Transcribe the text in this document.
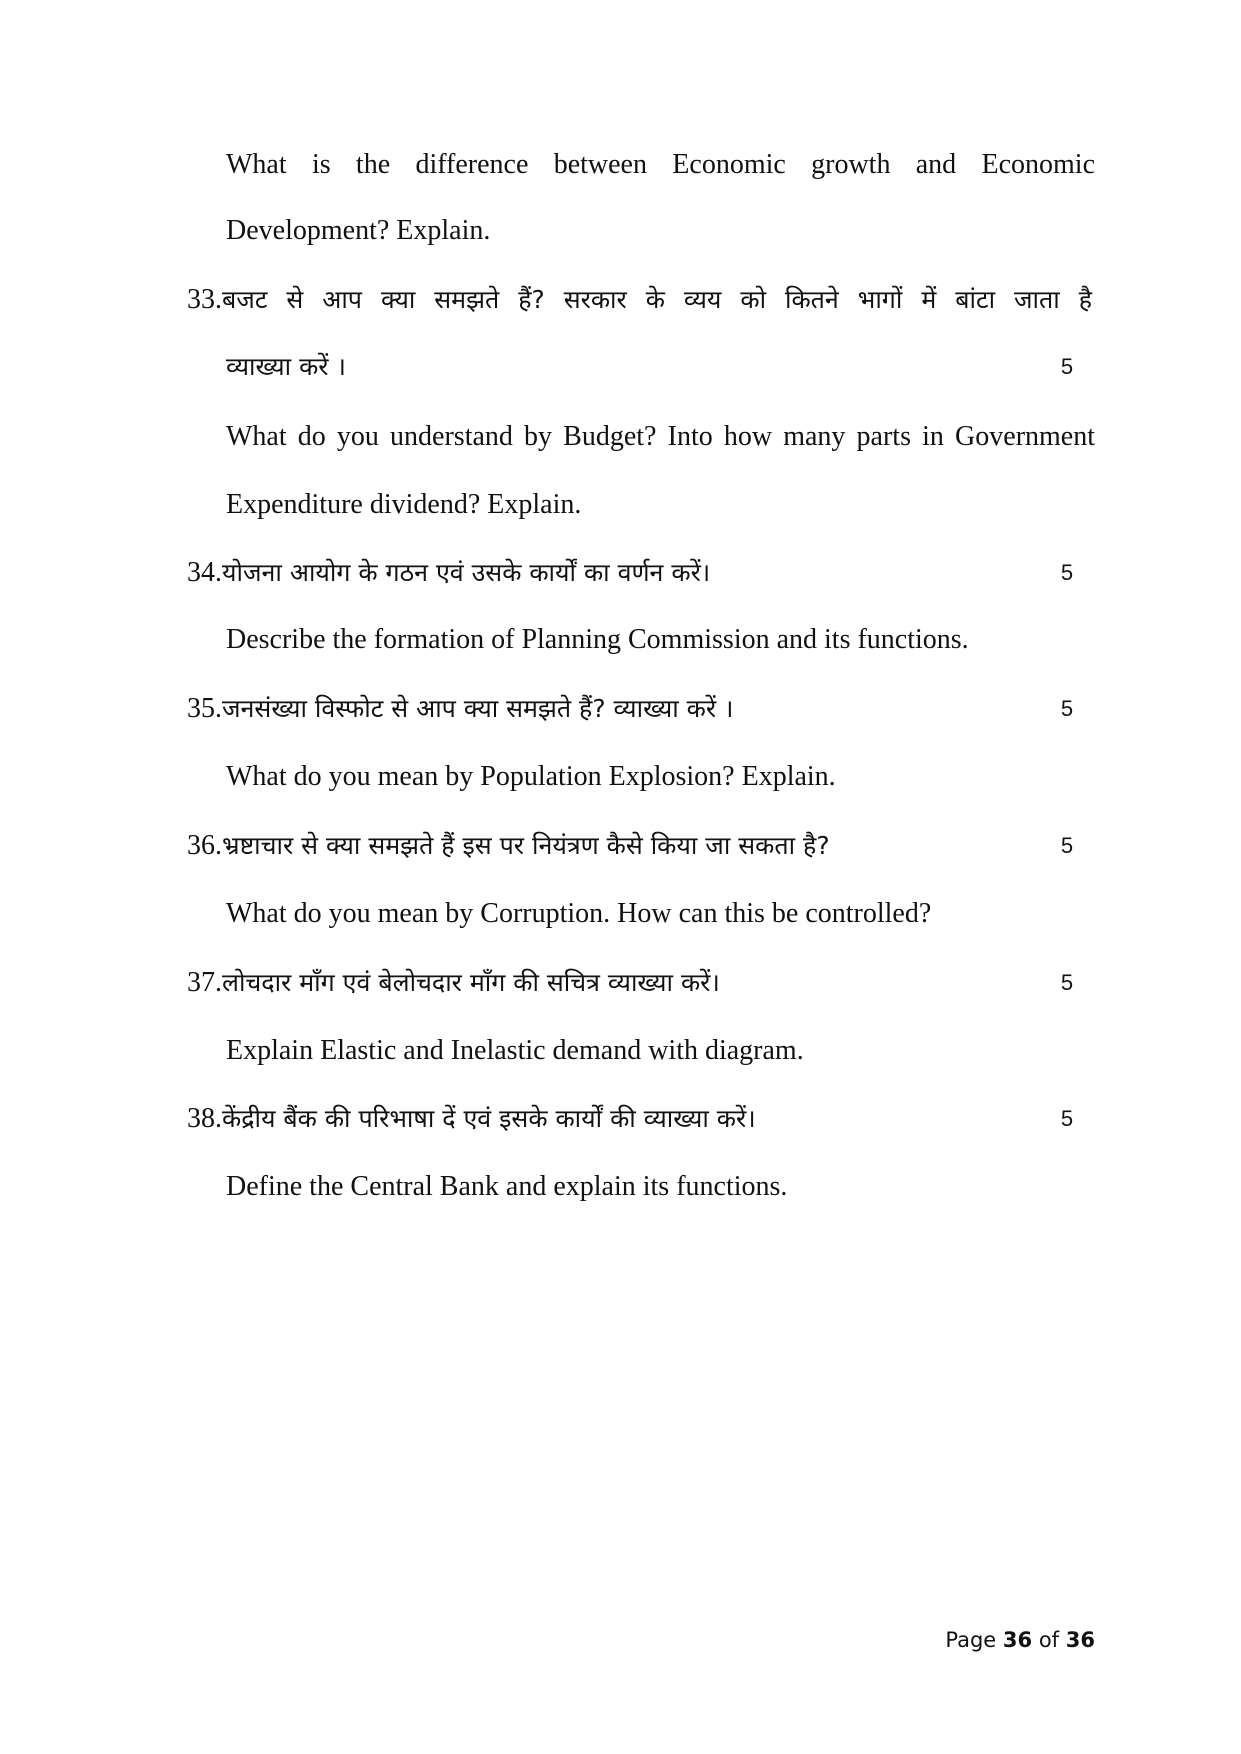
What is the difference between Economic growth and Economic
Development? Explain.
33.बजट से आप क्या समझते हैं? सरकार के व्यय को कितने भागों में बांटा जाता है
व्याख्या करें ।	5
What do you understand by Budget? Into how many parts in Government
Expenditure dividend? Explain.
34.योजना आयोग के गठन एवं उसके कार्यों का वर्णन करें।	5
Describe the formation of Planning Commission and its functions.
35.जनसंख्या विस्फोट से आप क्या समझते हैं? व्याख्या करें ।	5
What do you mean by Population Explosion? Explain.
36.भ्रष्टाचार से क्या समझते हैं इस पर नियंत्रण कैसे किया जा सकता है?	5
What do you mean by Corruption. How can this be controlled?
37.लोचदार माँग एवं बेलोचदार माँग की सचित्र व्याख्या करें।	5
Explain Elastic and Inelastic demand with diagram.
38.केंद्रीय बैंक की परिभाषा दें एवं इसके कार्यों की व्याख्या करें।	5
Define the Central Bank and explain its functions.
Page 36 of 36
